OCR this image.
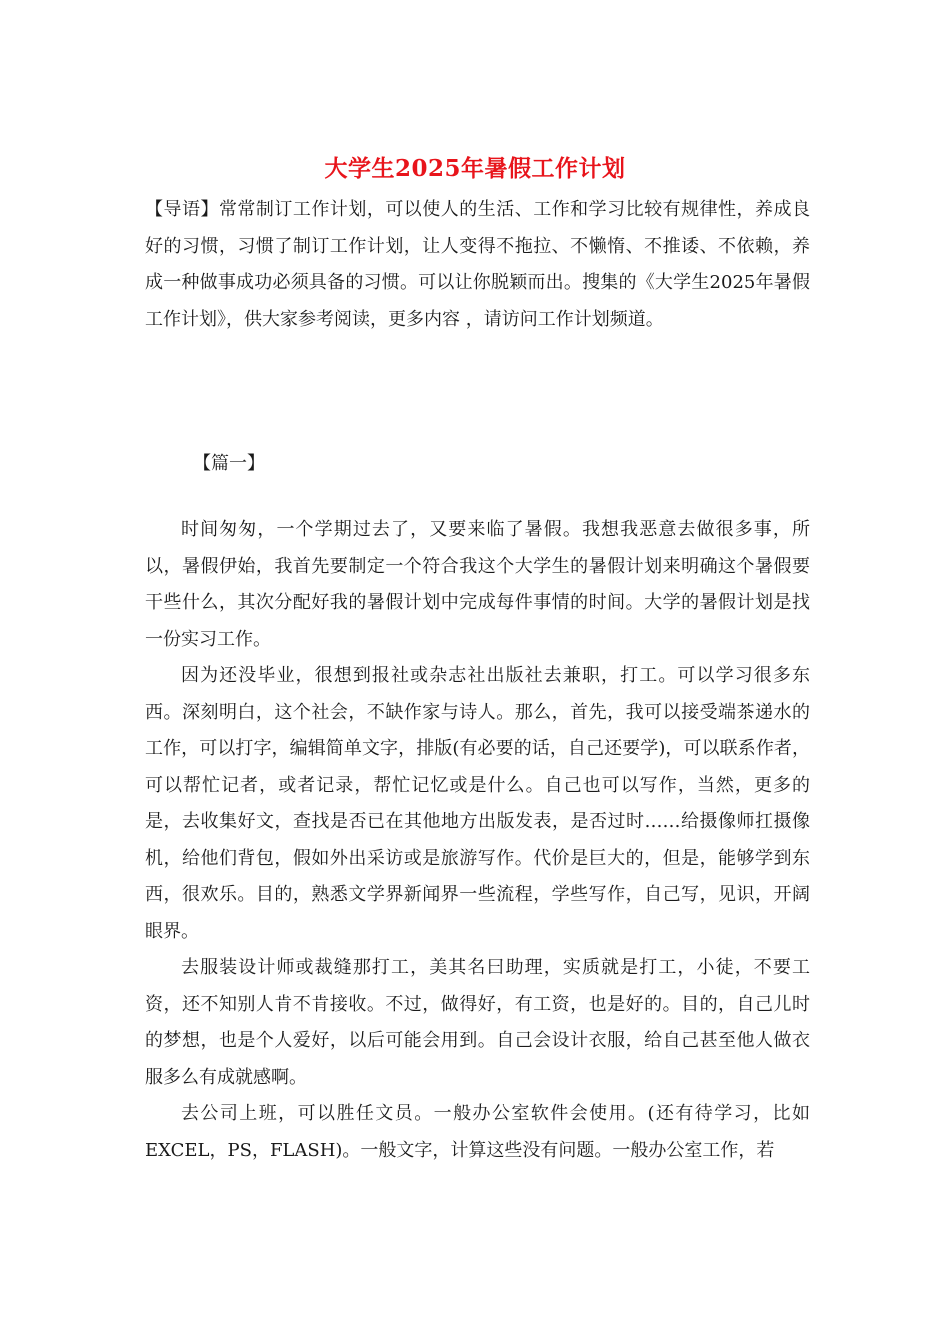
大学生2025年暑假工作计划

【导语】常常制订工作计划，可以使人的生活、工作和学习比较有规律性，养成良好的习惯，习惯了制订工作计划，让人变得不拖拉、不懒惰、不推诿、不依赖，养成一种做事成功必须具备的习惯。可以让你脱颖而出。搜集的《大学生2025年暑假工作计划》，供大家参考阅读，更多内容 ，请访问工作计划频道。

【篇一】

时间匆匆，一个学期过去了，又要来临了暑假。我想我恶意去做很多事，所以，暑假伊始，我首先要制定一个符合我这个大学生的暑假计划来明确这个暑假要干些什么，其次分配好我的暑假计划中完成每件事情的时间。大学的暑假计划是找一份实习工作。

因为还没毕业，很想到报社或杂志社出版社去兼职，打工。可以学习很多东西。深刻明白，这个社会，不缺作家与诗人。那么，首先，我可以接受端茶递水的工作，可以打字，编辑简单文字，排版(有必要的话，自己还要学)，可以联系作者，可以帮忙记者，或者记录，帮忙记忆或是什么。自己也可以写作，当然，更多的是，去收集好文，查找是否已在其他地方出版发表，是否过时……给摄像师扛摄像机，给他们背包，假如外出采访或是旅游写作。代价是巨大的，但是，能够学到东西，很欢乐。目的，熟悉文学界新闻界一些流程，学些写作，自己写，见识，开阔眼界。

去服装设计师或裁缝那打工，美其名曰助理，实质就是打工，小徒，不要工资，还不知别人肯不肯接收。不过，做得好，有工资，也是好的。目的，自己儿时的梦想，也是个人爱好，以后可能会用到。自己会设计衣服，给自己甚至他人做衣服多么有成就感啊。

去公司上班，可以胜任文员。一般办公室软件会使用。(还有待学习，比如EXCEL，PS，FLASH)。一般文字，计算这些没有问题。一般办公室工作，若
